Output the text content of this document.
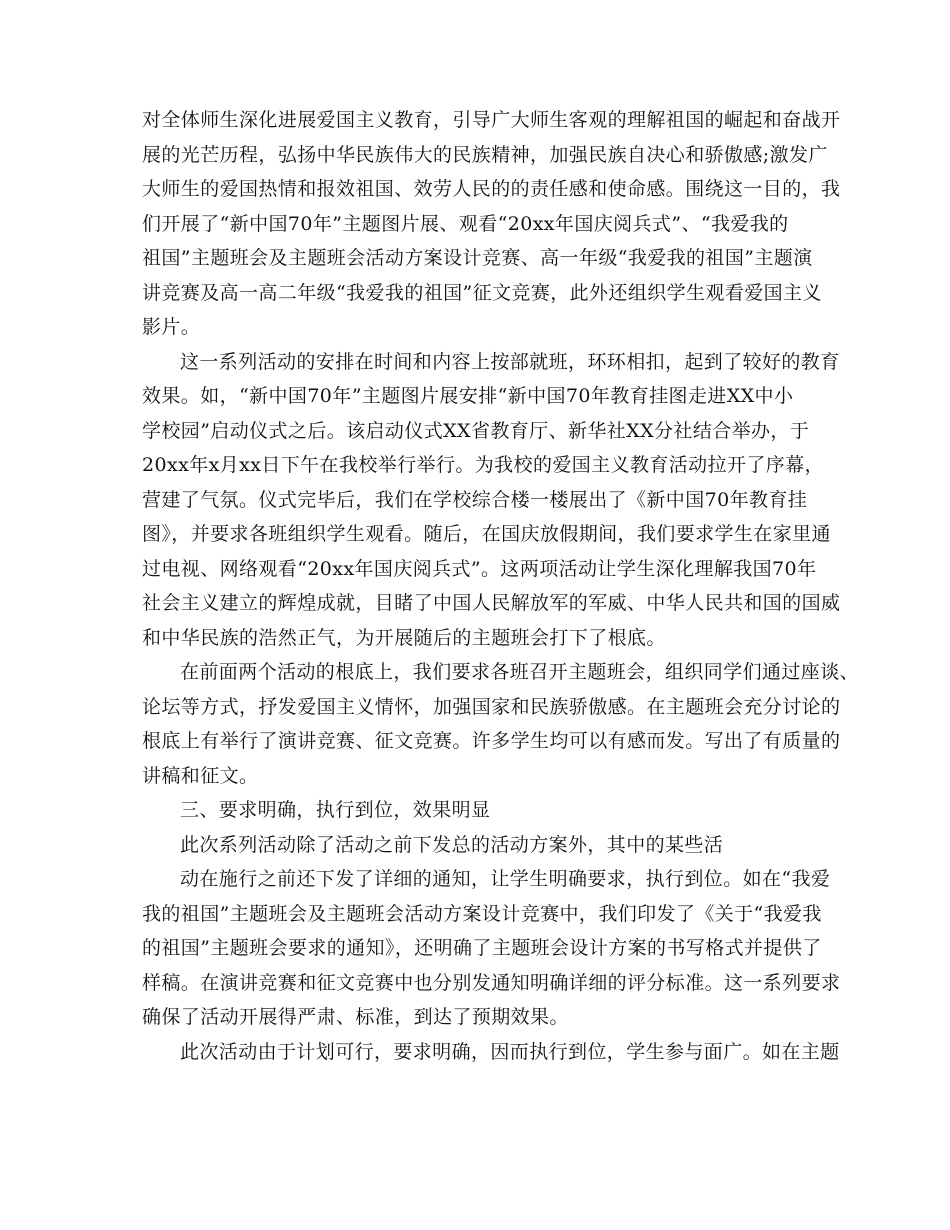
对全体师生深化进展爱国主义教育，引导广大师生客观的理解祖国的崛起和奋战开
展的光芒历程，弘扬中华民族伟大的民族精神，加强民族自决心和骄傲感;激发广
大师生的爱国热情和报效祖国、效劳人民的的责任感和使命感。围绕这一目的，我
们开展了“新中国70年”主题图片展、观看“20xx年国庆阅兵式”、“我爱我的
祖国”主题班会及主题班会活动方案设计竞赛、高一年级“我爱我的祖国”主题演
讲竞赛及高一高二年级“我爱我的祖国”征文竞赛，此外还组织学生观看爱国主义
影片。
这一系列活动的安排在时间和内容上按部就班，环环相扣，起到了较好的教育
效果。如，“新中国70年”主题图片展安排“新中国70年教育挂图走进XX中小
学校园”启动仪式之后。该启动仪式XX省教育厅、新华社XX分社结合举办，于
20xx年x月xx日下午在我校举行举行。为我校的爱国主义教育活动拉开了序幕，
营建了气氛。仪式完毕后，我们在学校综合楼一楼展出了《新中国70年教育挂
图》，并要求各班组织学生观看。随后，在国庆放假期间，我们要求学生在家里通
过电视、网络观看“20xx年国庆阅兵式”。这两项活动让学生深化理解我国70年
社会主义建立的辉煌成就，目睹了中国人民解放军的军威、中华人民共和国的国威
和中华民族的浩然正气，为开展随后的主题班会打下了根底。
在前面两个活动的根底上，我们要求各班召开主题班会，组织同学们通过座谈、
论坛等方式，抒发爱国主义情怀，加强国家和民族骄傲感。在主题班会充分讨论的
根底上有举行了演讲竞赛、征文竞赛。许多学生均可以有感而发。写出了有质量的
讲稿和征文。
三、要求明确，执行到位，效果明显
此次系列活动除了活动之前下发总的活动方案外，其中的某些活
动在施行之前还下发了详细的通知，让学生明确要求，执行到位。如在“我爱
我的祖国”主题班会及主题班会活动方案设计竞赛中，我们印发了《关于“我爱我
的祖国”主题班会要求的通知》，还明确了主题班会设计方案的书写格式并提供了
样稿。在演讲竞赛和征文竞赛中也分别发通知明确详细的评分标准。这一系列要求
确保了活动开展得严肃、标准，到达了预期效果。
此次活动由于计划可行，要求明确，因而执行到位，学生参与面广。如在主题
